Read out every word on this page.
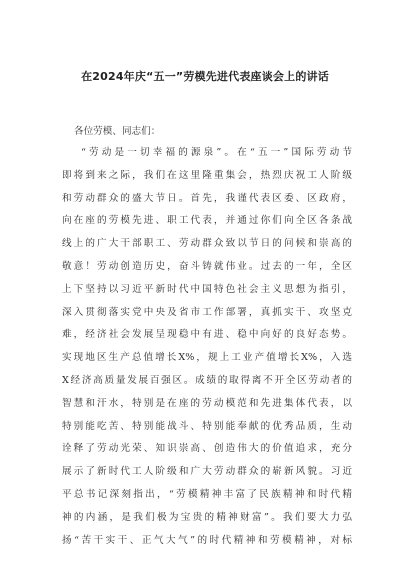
在2024年庆“五一”劳模先进代表座谈会上的讲话
各位劳模、同志们：
“劳动是一切幸福的源泉”。在“五一”国际劳动节
即将到来之际，我们在这里隆重集会，热烈庆祝工人阶级
和劳动群众的盛大节日。首先，我谨代表区委、区政府，
向在座的劳模先进、职工代表，并通过你们向全区各条战
线上的广大干部职工、劳动群众致以节日的问候和崇高的
敬意！劳动创造历史，奋斗铸就伟业。过去的一年，全区
上下坚持以习近平新时代中国特色社会主义思想为指引，
深入贯彻落实党中央及省市工作部署，真抓实干、攻坚克
难，经济社会发展呈现稳中有进、稳中向好的良好态势。
实现地区生产总值增长X%，规上工业产值增长X%，入选
X经济高质量发展百强区。成绩的取得离不开全区劳动者的
智慧和汗水，特别是在座的劳动模范和先进集体代表，以
特别能吃苦、特别能战斗、特别能奉献的优秀品质，生动
诠释了劳动光荣、知识崇高、创造伟大的价值追求，充分
展示了新时代工人阶级和广大劳动群众的崭新风貌。习近
平总书记深刻指出，“劳模精神丰富了民族精神和时代精
神的内涵，是我们极为宝贵的精神财富”。我们要大力弘
扬“苦干实干、正气大气”的时代精神和劳模精神，对标
